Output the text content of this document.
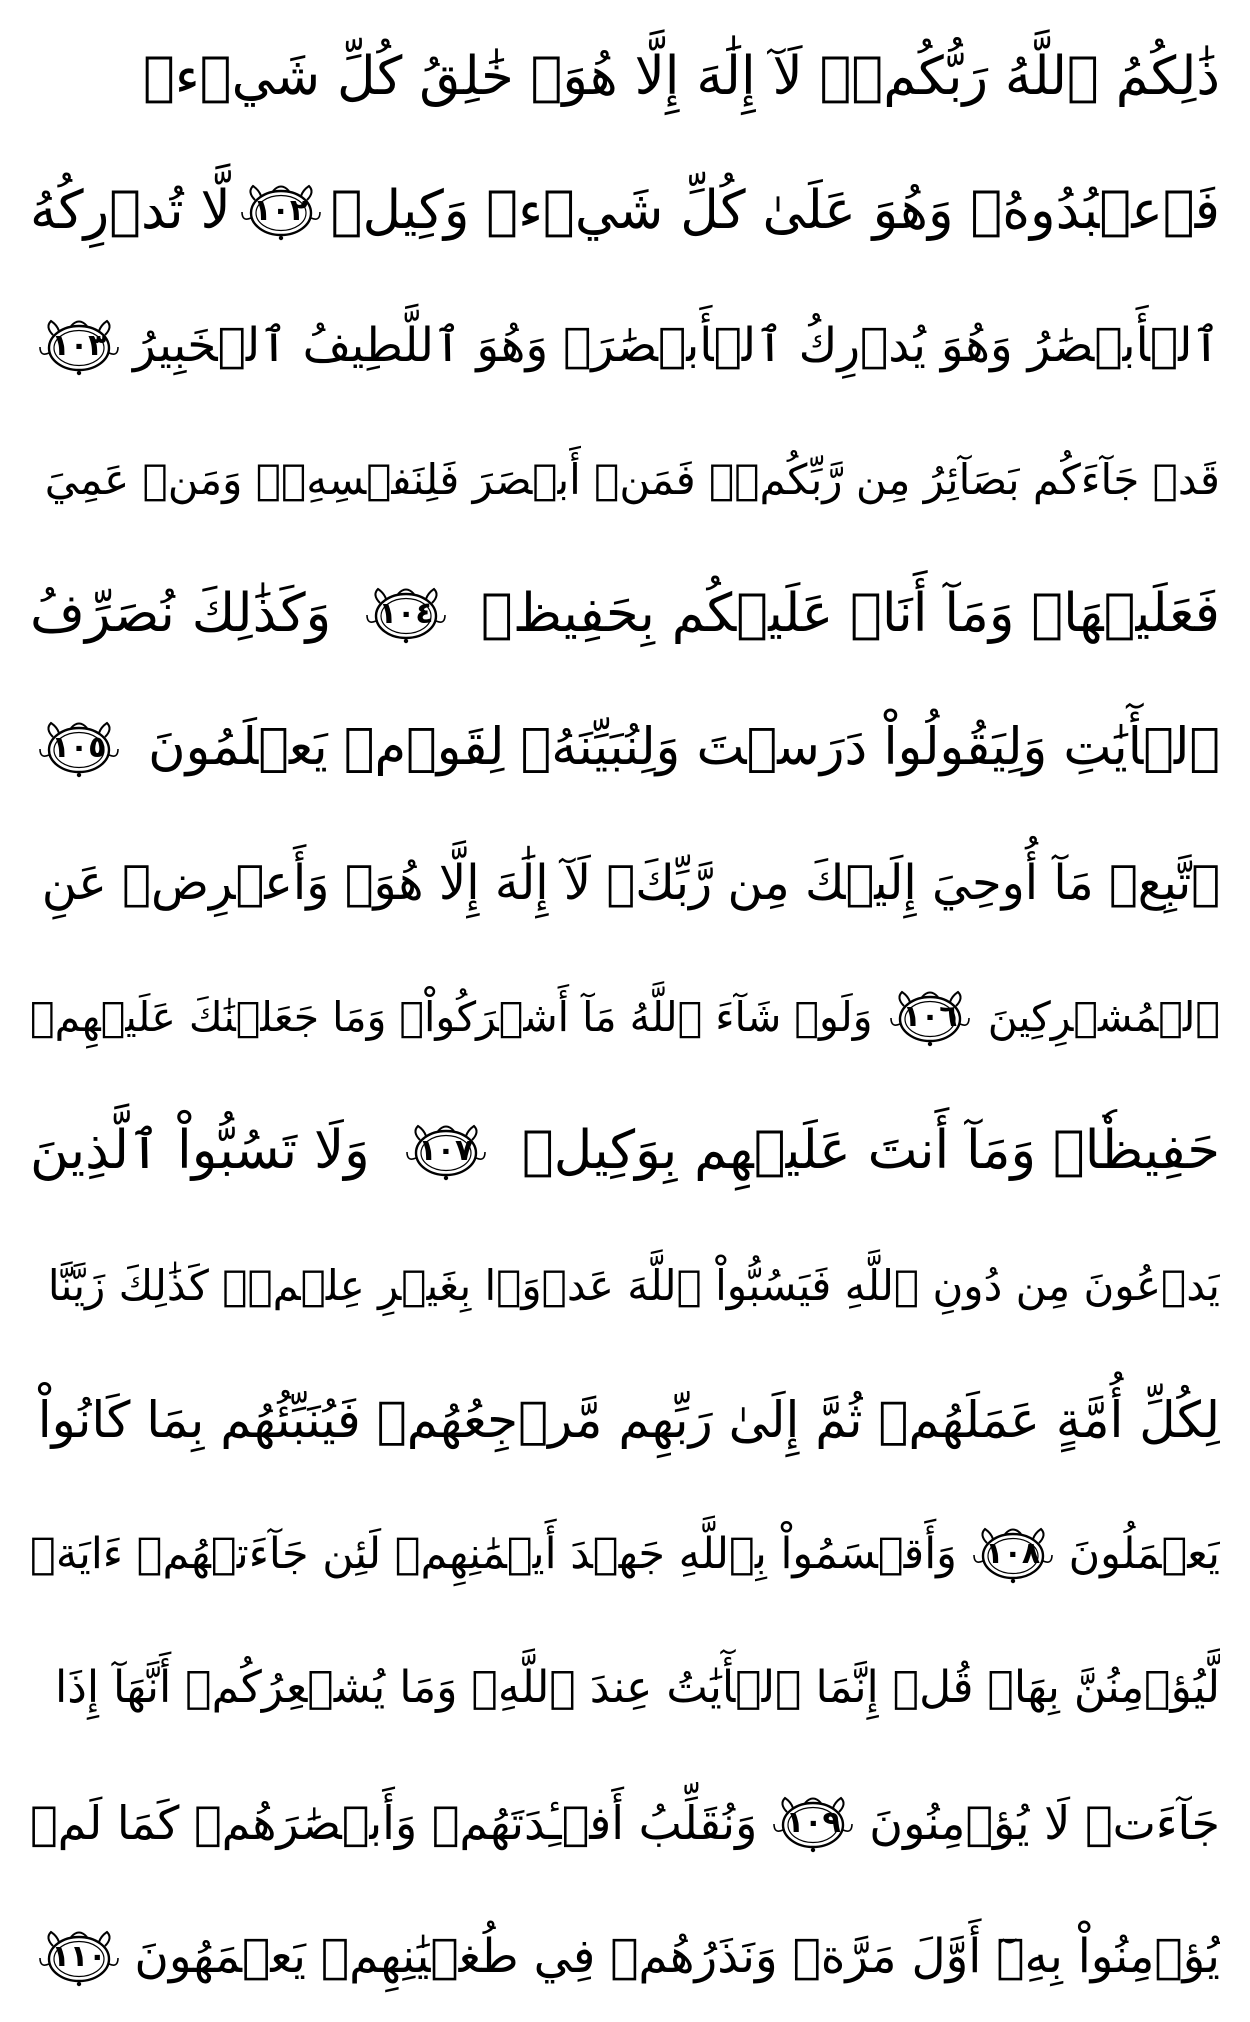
ذَٰلِكُمُ ٱللَّهُ رَبُّكُمۡۖ لَآ إِلَٰهَ إِلَّا هُوَۖ خَٰلِقُ كُلِّ شَيۡءٖ
فَٱعۡبُدُوهُۚ وَهُوَ عَلَىٰ كُلِّ شَيۡءٖ وَكِيلٞ
١٠٢
لَّا تُدۡرِكُهُ
ٱلۡأَبۡصَٰرُ وَهُوَ يُدۡرِكُ ٱلۡأَبۡصَٰرَۖ وَهُوَ ٱللَّطِيفُ ٱلۡخَبِيرُ
١٠٣
قَدۡ جَآءَكُم بَصَآئِرُ مِن رَّبِّكُمۡۖ فَمَنۡ أَبۡصَرَ فَلِنَفۡسِهِۦۖ وَمَنۡ عَمِيَ
فَعَلَيۡهَاۚ وَمَآ أَنَا۠ عَلَيۡكُم بِحَفِيظٖ
١٠٤
وَكَذَٰلِكَ نُصَرِّفُ
ٱلۡأٓيَٰتِ وَلِيَقُولُواْ دَرَسۡتَ وَلِنُبَيِّنَهُۥ لِقَوۡمٖ يَعۡلَمُونَ
١٠٥
ٱتَّبِعۡ مَآ أُوحِيَ إِلَيۡكَ مِن رَّبِّكَۖ لَآ إِلَٰهَ إِلَّا هُوَۖ وَأَعۡرِضۡ عَنِ
ٱلۡمُشۡرِكِينَ
١٠٦
وَلَوۡ شَآءَ ٱللَّهُ مَآ أَشۡرَكُواْۗ وَمَا جَعَلۡنَٰكَ عَلَيۡهِمۡ
حَفِيظٗاۖ وَمَآ أَنتَ عَلَيۡهِم بِوَكِيلٖ
١٠٧
وَلَا تَسُبُّواْ ٱلَّذِينَ
يَدۡعُونَ مِن دُونِ ٱللَّهِ فَيَسُبُّواْ ٱللَّهَ عَدۡوَۢا بِغَيۡرِ عِلۡمٖۗ كَذَٰلِكَ زَيَّنَّا
لِكُلِّ أُمَّةٍ عَمَلَهُمۡ ثُمَّ إِلَىٰ رَبِّهِم مَّرۡجِعُهُمۡ فَيُنَبِّئُهُم بِمَا كَانُواْ
يَعۡمَلُونَ
١٠٨
وَأَقۡسَمُواْ بِٱللَّهِ جَهۡدَ أَيۡمَٰنِهِمۡ لَئِن جَآءَتۡهُمۡ ءَايَةٞ
لَّيُؤۡمِنُنَّ بِهَاۚ قُلۡ إِنَّمَا ٱلۡأٓيَٰتُ عِندَ ٱللَّهِۖ وَمَا يُشۡعِرُكُمۡ أَنَّهَآ إِذَا
جَآءَتۡ لَا يُؤۡمِنُونَ
١٠٩
وَنُقَلِّبُ أَفۡـِٔدَتَهُمۡ وَأَبۡصَٰرَهُمۡ كَمَا لَمۡ
يُؤۡمِنُواْ بِهِۦٓ أَوَّلَ مَرَّةٖ وَنَذَرُهُمۡ فِي طُغۡيَٰنِهِمۡ يَعۡمَهُونَ
١١٠
